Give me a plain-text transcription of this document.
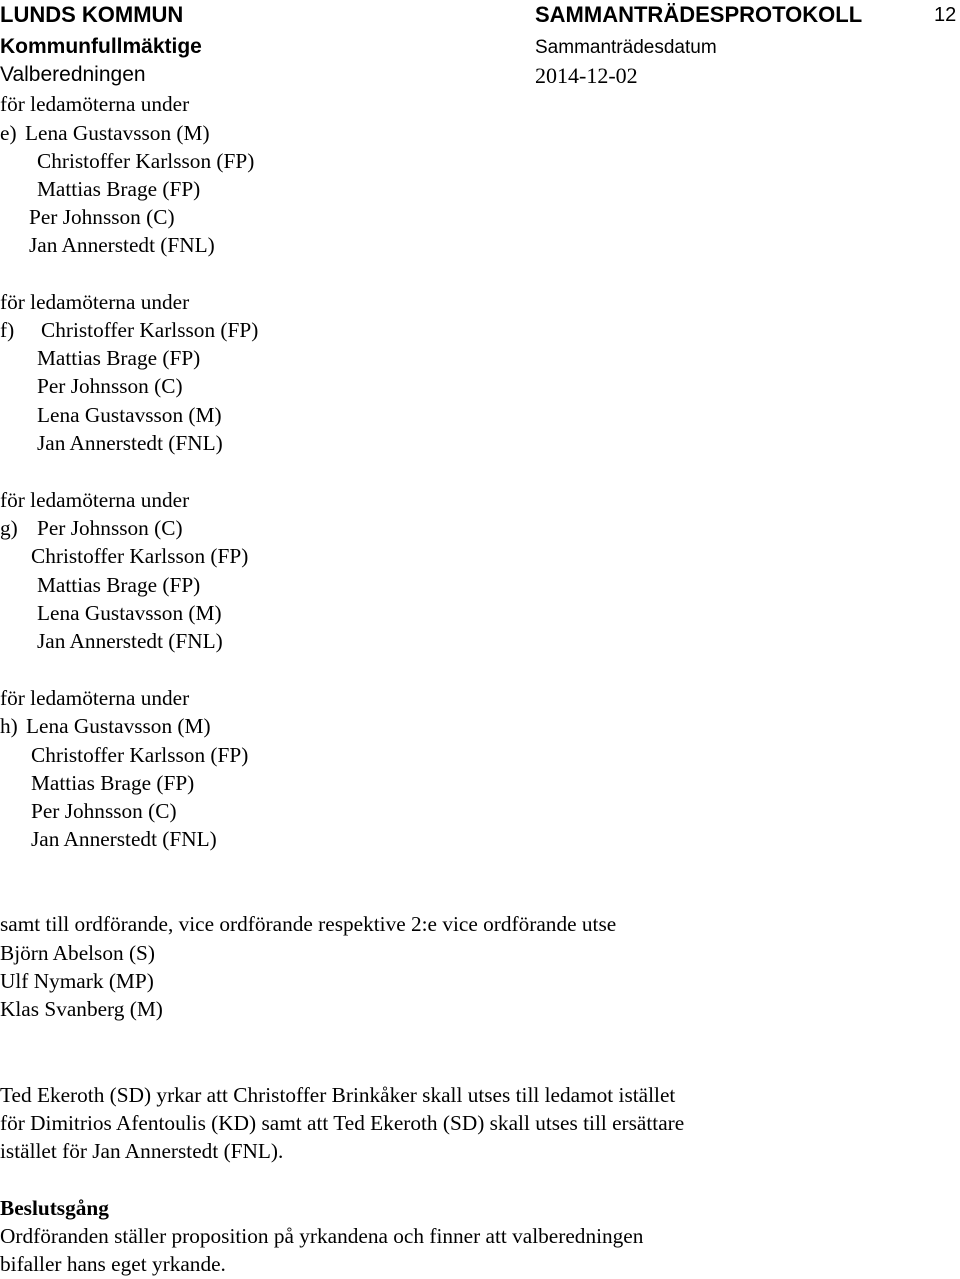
LUNDS KOMMUN	SAMMANTRÄDESPROTOKOLL	12
Kommunfullmäktige	Sammanträdesdatum
Valberedningen	2014-12-02
för ledamöterna under
e) Lena Gustavsson (M)
Christoffer Karlsson (FP)
Mattias Brage (FP)
Per Johnsson (C)
Jan Annerstedt (FNL)
för ledamöterna under
f) Christoffer Karlsson (FP)
Mattias Brage (FP)
Per Johnsson (C)
Lena Gustavsson (M)
Jan Annerstedt (FNL)
för ledamöterna under
g) Per Johnsson (C)
Christoffer Karlsson (FP)
Mattias Brage (FP)
Lena Gustavsson (M)
Jan Annerstedt (FNL)
för ledamöterna under
h) Lena Gustavsson (M)
Christoffer Karlsson (FP)
Mattias Brage (FP)
Per Johnsson (C)
Jan Annerstedt (FNL)
samt till ordförande, vice ordförande respektive 2:e vice ordförande utse
Björn Abelson (S)
Ulf Nymark (MP)
Klas Svanberg (M)
Ted Ekeroth (SD) yrkar att Christoffer Brinkåker skall utses till ledamot istället
för Dimitrios Afentoulis (KD) samt att Ted Ekeroth (SD) skall utses till ersättare
istället för Jan Annerstedt (FNL).
Beslutsgång
Ordföranden ställer proposition på yrkandena och finner att valberedningen
bifaller hans eget yrkande.
